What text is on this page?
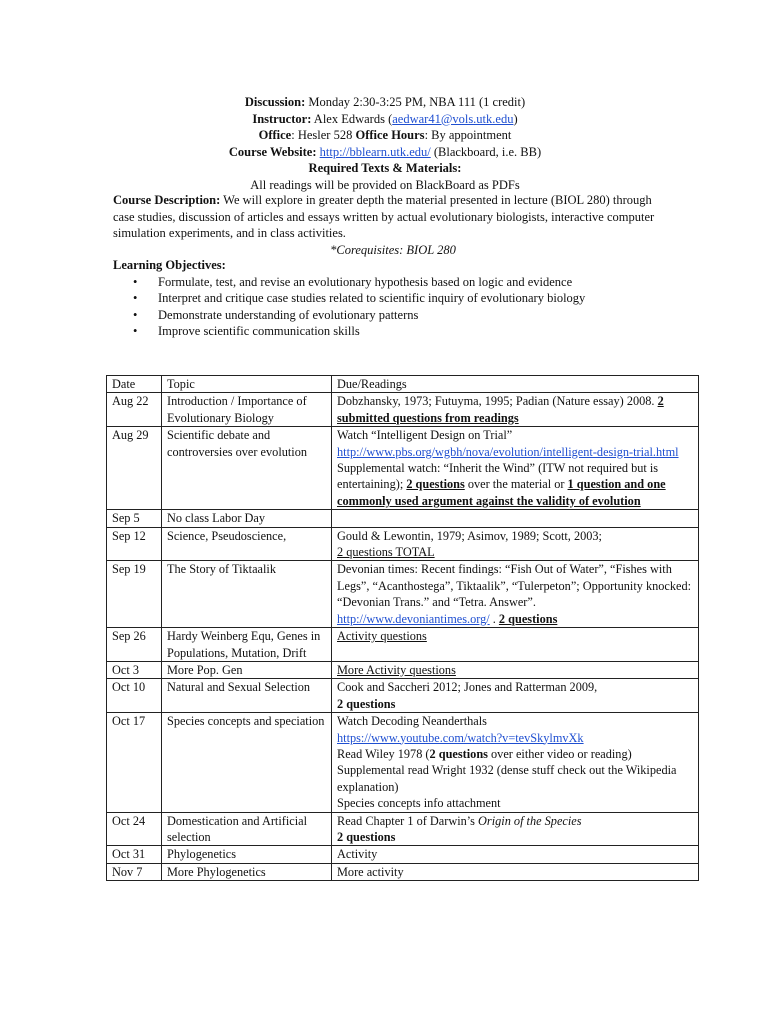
Discussion: Monday 2:30-3:25 PM, NBA 111 (1 credit)
Instructor: Alex Edwards (aedwar41@vols.utk.edu)
Office: Hesler 528 Office Hours: By appointment
Course Website: http://bblearn.utk.edu/ (Blackboard, i.e. BB)
Required Texts & Materials:
All readings will be provided on BlackBoard as PDFs

Course Description: We will explore in greater depth the material presented in lecture (BIOL 280) through case studies, discussion of articles and essays written by actual evolutionary biologists, interactive computer simulation experiments, and in class activities.

*Corequisites: BIOL 280

Learning Objectives:
• Formulate, test, and revise an evolutionary hypothesis based on logic and evidence
• Interpret and critique case studies related to scientific inquiry of evolutionary biology
• Demonstrate understanding of evolutionary patterns
• Improve scientific communication skills
Date	Topic	Due/Readings
Aug 22	Introduction / Importance of Evolutionary Biology	Dobzhansky, 1973; Futuyma, 1995; Padian (Nature essay) 2008. 2 submitted questions from readings
Aug 29	Scientific debate and controversies over evolution	Watch “Intelligent Design on Trial”
http://www.pbs.org/wgbh/nova/evolution/intelligent-design-trial.html
Supplemental watch: “Inherit the Wind” (ITW not required but is entertaining); 2 questions over the material or 1 question and one commonly used argument against the validity of evolution

Sep 5	No class Labor Day	
Sep 12	Science, Pseudoscience,	Gould & Lewontin, 1979; Asimov, 1989; Scott, 2003;
2 questions TOTAL

Sep 19	The Story of Tiktaalik	Devonian times: Recent findings: “Fish Out of Water”, “Fishes with Legs”, “Acanthostega”, Tiktaalik”, “Tulerpeton”; Opportunity knocked: “Devonian Trans.” and “Tetra. Answer”.
http://www.devoniantimes.org/ . 2 questions
Sep 26	Hardy Weinberg Equ, Genes in Populations, Mutation, Drift	Activity questions
Oct 3	More Pop. Gen	More Activity questions
Oct 10	Natural and Sexual Selection	Cook and Saccheri 2012; Jones and Ratterman 2009,
2 questions
Oct 17	Species concepts and speciation	Watch Decoding Neanderthals
https://www.youtube.com/watch?v=tevSkylmvXk
Read Wiley 1978 (2 questions over either video or reading)
Supplemental read Wright 1932 (dense stuff check out the Wikipedia explanation)
Species concepts info attachment

Oct 24	Domestication and Artificial selection	Read Chapter 1 of Darwin’s Origin of the Species
2 questions
Oct 31	Phylogenetics	Activity
Nov 7	More Phylogenetics	More activity
